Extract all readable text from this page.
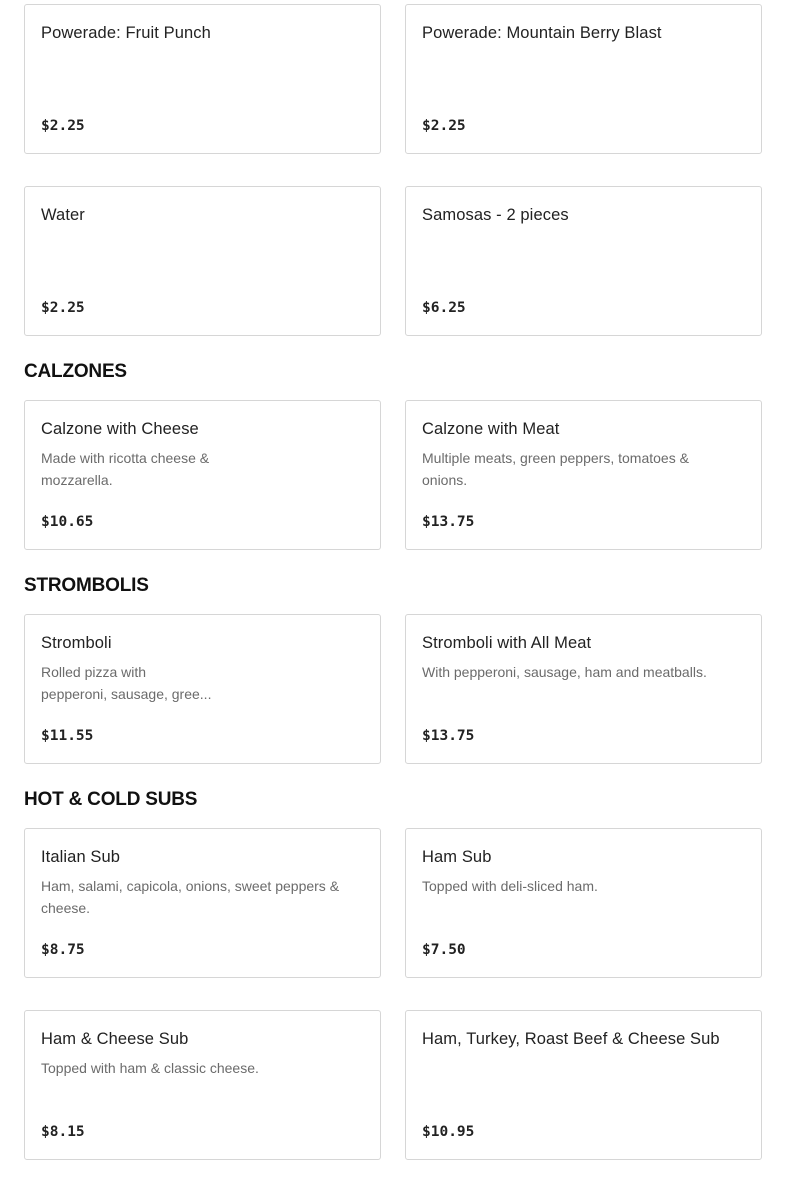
Powerade: Fruit Punch
$2.25
Powerade: Mountain Berry Blast
$2.25
Water
$2.25
Samosas - 2 pieces
$6.25
CALZONES
Calzone with Cheese
Made with ricotta cheese &
mozzarella.
$10.65
Calzone with Meat
Multiple meats, green peppers, tomatoes &
onions.
$13.75
STROMBOLIS
Stromboli
Rolled pizza with
pepperoni, sausage, gree...
$11.55
Stromboli with All Meat
With pepperoni, sausage, ham and meatballs.
$13.75
HOT & COLD SUBS
Italian Sub
Ham, salami, capicola, onions, sweet peppers &
cheese.
$8.75
Ham Sub
Topped with deli-sliced ham.
$7.50
Ham & Cheese Sub
Topped with ham & classic cheese.
$8.15
Ham, Turkey, Roast Beef & Cheese Sub
$10.95
